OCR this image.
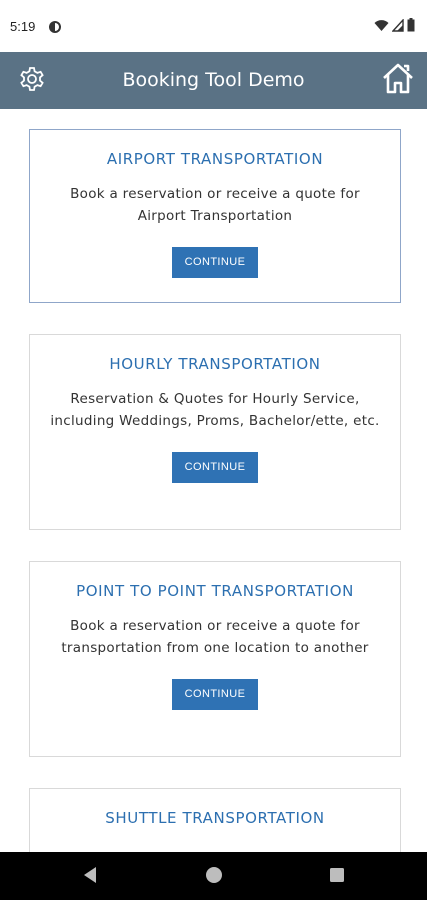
5:19
Booking Tool Demo
AIRPORT TRANSPORTATION
Book a reservation or receive a quote for Airport Transportation
CONTINUE
HOURLY TRANSPORTATION
Reservation & Quotes for Hourly Service, including Weddings, Proms, Bachelor/ette, etc.
CONTINUE
POINT TO POINT TRANSPORTATION
Book a reservation or receive a quote for transportation from one location to another
CONTINUE
SHUTTLE TRANSPORTATION
